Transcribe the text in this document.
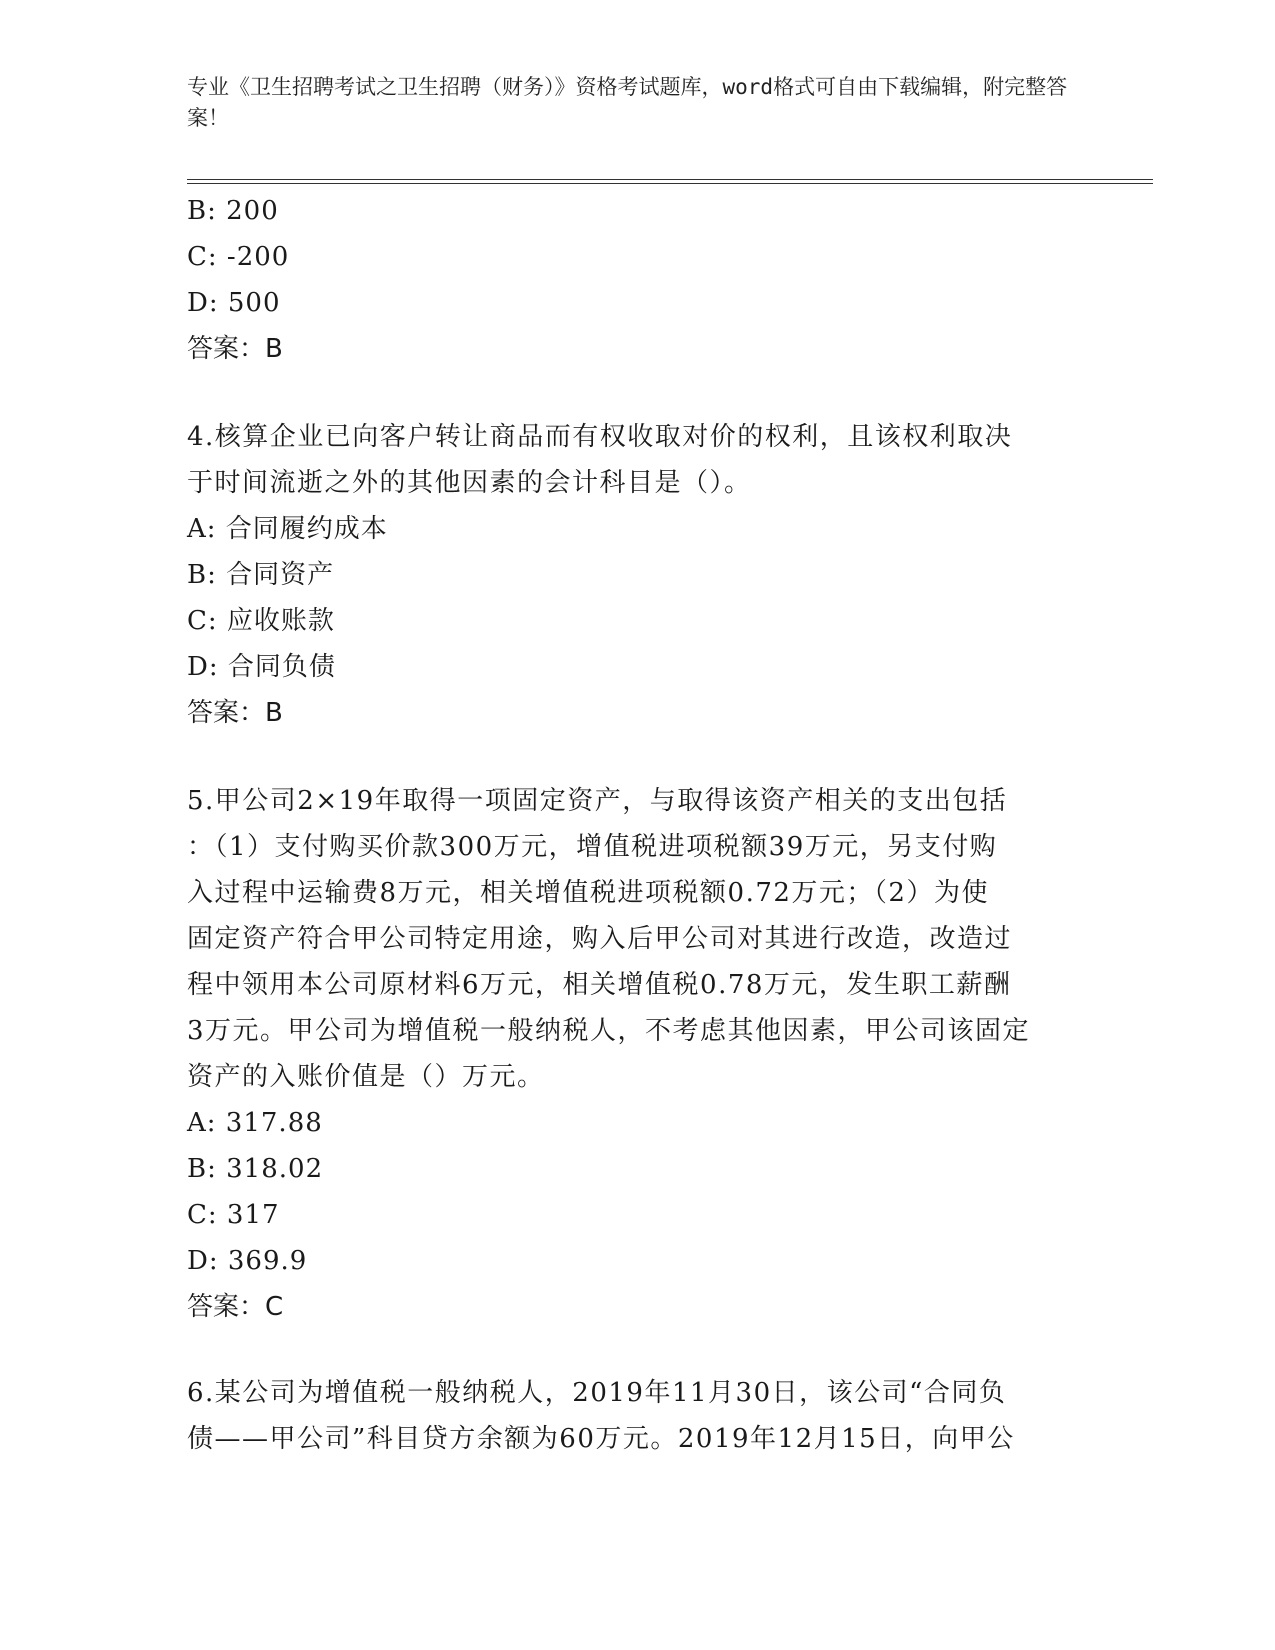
专业《卫生招聘考试之卫生招聘（财务）》资格考试题库，word格式可自由下载编辑，附完整答案！
B: 200
C: -200
D: 500
答案：B
4.核算企业已向客户转让商品而有权收取对价的权利，且该权利取决
于时间流逝之外的其他因素的会计科目是（）。
A: 合同履约成本
B: 合同资产
C: 应收账款
D: 合同负债
答案：B
5.甲公司2×19年取得一项固定资产，与取得该资产相关的支出包括
：（1）支付购买价款300万元，增值税进项税额39万元，另支付购
入过程中运输费8万元，相关增值税进项税额0.72万元；（2）为使
固定资产符合甲公司特定用途，购入后甲公司对其进行改造，改造过
程中领用本公司原材料6万元，相关增值税0.78万元，发生职工薪酬
3万元。甲公司为增值税一般纳税人，不考虑其他因素，甲公司该固定
资产的入账价值是（）万元。
A: 317.88
B: 318.02
C: 317
D: 369.9
答案：C
6.某公司为增值税一般纳税人，2019年11月30日，该公司“合同负
债——甲公司”科目贷方余额为60万元。2019年12月15日，向甲公
